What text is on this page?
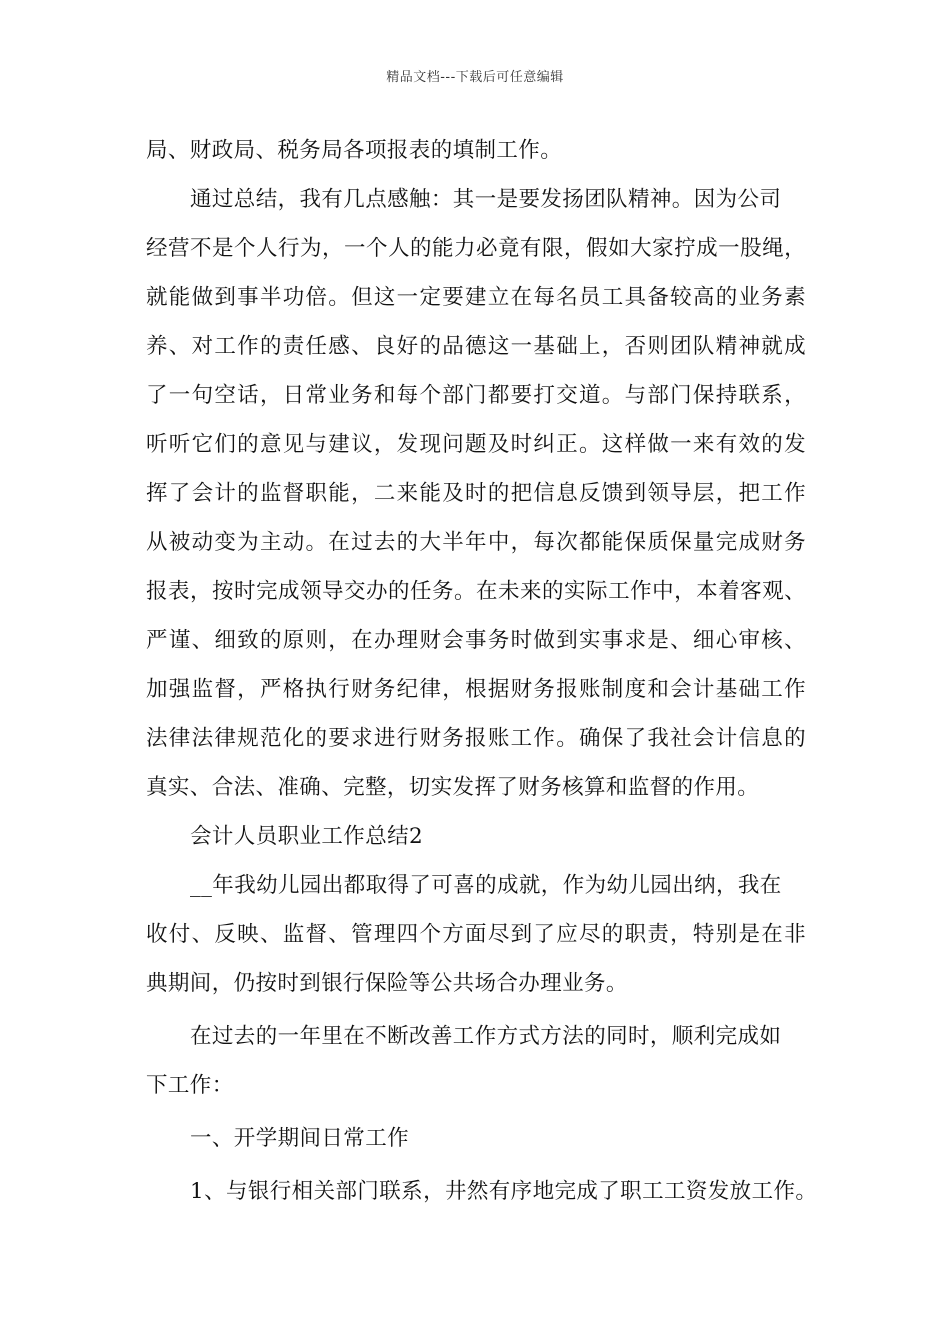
精品文档---下载后可任意编辑
局、财政局、税务局各项报表的填制工作。
通过总结，我有几点感触：其一是要发扬团队精神。因为公司
经营不是个人行为，一个人的能力必竟有限，假如大家拧成一股绳，
就能做到事半功倍。但这一定要建立在每名员工具备较高的业务素
养、对工作的责任感、良好的品德这一基础上，否则团队精神就成
了一句空话，日常业务和每个部门都要打交道。与部门保持联系，
听听它们的意见与建议，发现问题及时纠正。这样做一来有效的发
挥了会计的监督职能，二来能及时的把信息反馈到领导层，把工作
从被动变为主动。在过去的大半年中，每次都能保质保量完成财务
报表，按时完成领导交办的任务。在未来的实际工作中，本着客观、
严谨、细致的原则，在办理财会事务时做到实事求是、细心审核、
加强监督，严格执行财务纪律，根据财务报账制度和会计基础工作
法律法律规范化的要求进行财务报账工作。确保了我社会计信息的
真实、合法、准确、完整，切实发挥了财务核算和监督的作用。
会计人员职业工作总结2
__年我幼儿园出都取得了可喜的成就，作为幼儿园出纳，我在
收付、反映、监督、管理四个方面尽到了应尽的职责，特别是在非
典期间，仍按时到银行保险等公共场合办理业务。
在过去的一年里在不断改善工作方式方法的同时，顺利完成如
下工作：
一、开学期间日常工作
1、与银行相关部门联系，井然有序地完成了职工工资发放工作。
